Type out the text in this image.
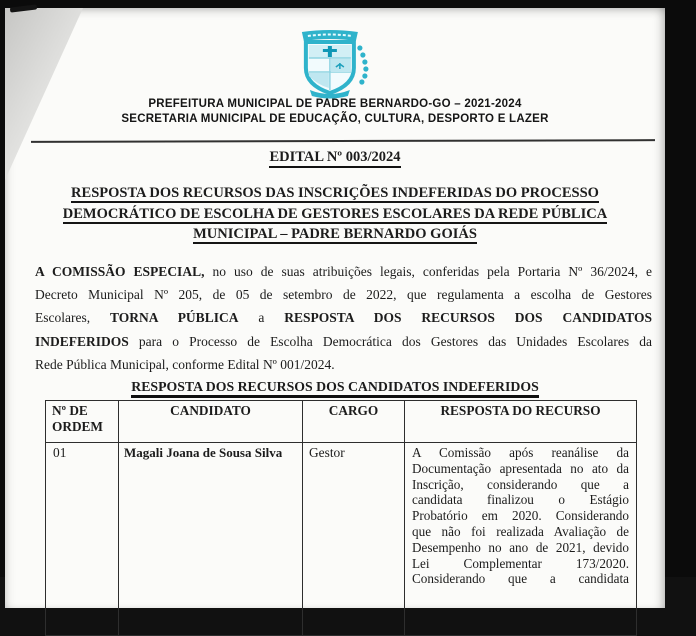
PREFEITURA MUNICIPAL DE PADRE BERNARDO-GO – 2021-2024
SECRETARIA MUNICIPAL DE EDUCAÇÃO, CULTURA, DESPORTO E LAZER
EDITAL Nº 003/2024
RESPOSTA DOS RECURSOS DAS INSCRIÇÕES INDEFERIDAS DO PROCESSO
DEMOCRÁTICO DE ESCOLHA DE GESTORES ESCOLARES DA REDE PÚBLICA
MUNICIPAL – PADRE BERNARDO GOIÁS
A COMISSÃO ESPECIAL, no uso de suas atribuições legais, conferidas pela Portaria Nº 36/2024, e
Decreto Municipal Nº 205, de 05 de setembro de 2022, que regulamenta a escolha de Gestores
Escolares, TORNA PÚBLICA a RESPOSTA DOS RECURSOS DOS CANDIDATOS
INDEFERIDOS para o Processo de Escolha Democrática dos Gestores das Unidades Escolares da
Rede Pública Municipal, conforme Edital Nº 001/2024.
RESPOSTA DOS RECURSOS DOS CANDIDATOS INDEFERIDOS
Nº DE ORDEM	CANDIDATO	CARGO	RESPOSTA DO RECURSO
01	Magali Joana de Sousa Silva	Gestor	A Comissão após reanálise da
Documentação apresentada no ato da
Inscrição, considerando que a
candidata finalizou o Estágio
Probatório em 2020. Considerando
que não foi realizada Avaliação de
Desempenho no ano de 2021, devido
Lei Complementar 173/2020.
Considerando que a candidata
